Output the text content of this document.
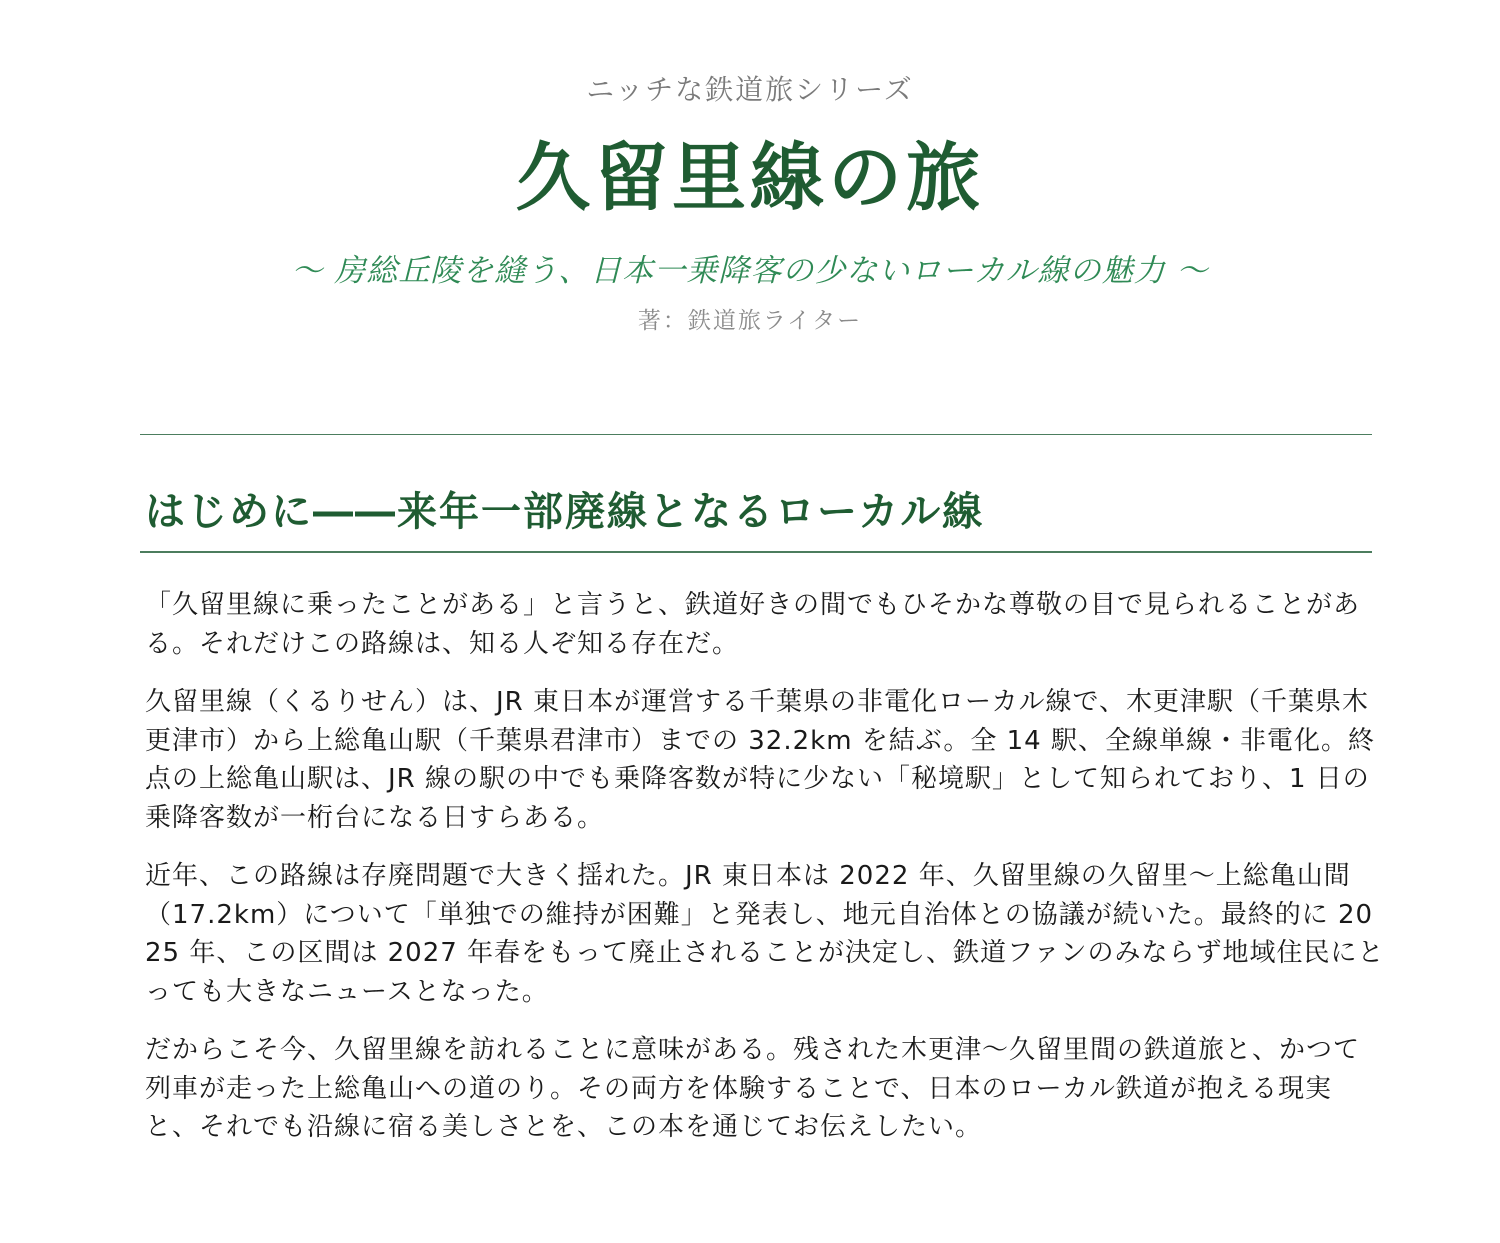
ニッチな鉄道旅シリーズ
久留里線の旅
～ 房総丘陵を縫う、日本一乗降客の少ないローカル線の魅力 ～
著：鉄道旅ライター
はじめに――来年一部廃線となるローカル線

「久留里線に乗ったことがある」と言うと、鉄道好きの間でもひそかな尊敬の目で見られることがある。それだけこの路線は、知る人ぞ知る存在だ。

久留里線（くるりせん）は、JR 東日本が運営する千葉県の非電化ローカル線で、木更津駅（千葉県木更津市）から上総亀山駅（千葉県君津市）までの 32.2km を結ぶ。全 14 駅、全線単線・非電化。終点の上総亀山駅は、JR 線の駅の中でも乗降客数が特に少ない「秘境駅」として知られており、1 日の乗降客数が一桁台になる日すらある。

近年、この路線は存廃問題で大きく揺れた。JR 東日本は 2022 年、久留里線の久留里～上総亀山間（17.2km）について「単独での維持が困難」と発表し、地元自治体との協議が続いた。最終的に 2025 年、この区間は 2027 年春をもって廃止されることが決定し、鉄道ファンのみならず地域住民にとっても大きなニュースとなった。

だからこそ今、久留里線を訪れることに意味がある。残された木更津～久留里間の鉄道旅と、かつて列車が走った上総亀山への道のり。その両方を体験することで、日本のローカル鉄道が抱える現実と、それでも沿線に宿る美しさとを、この本を通じてお伝えしたい。
